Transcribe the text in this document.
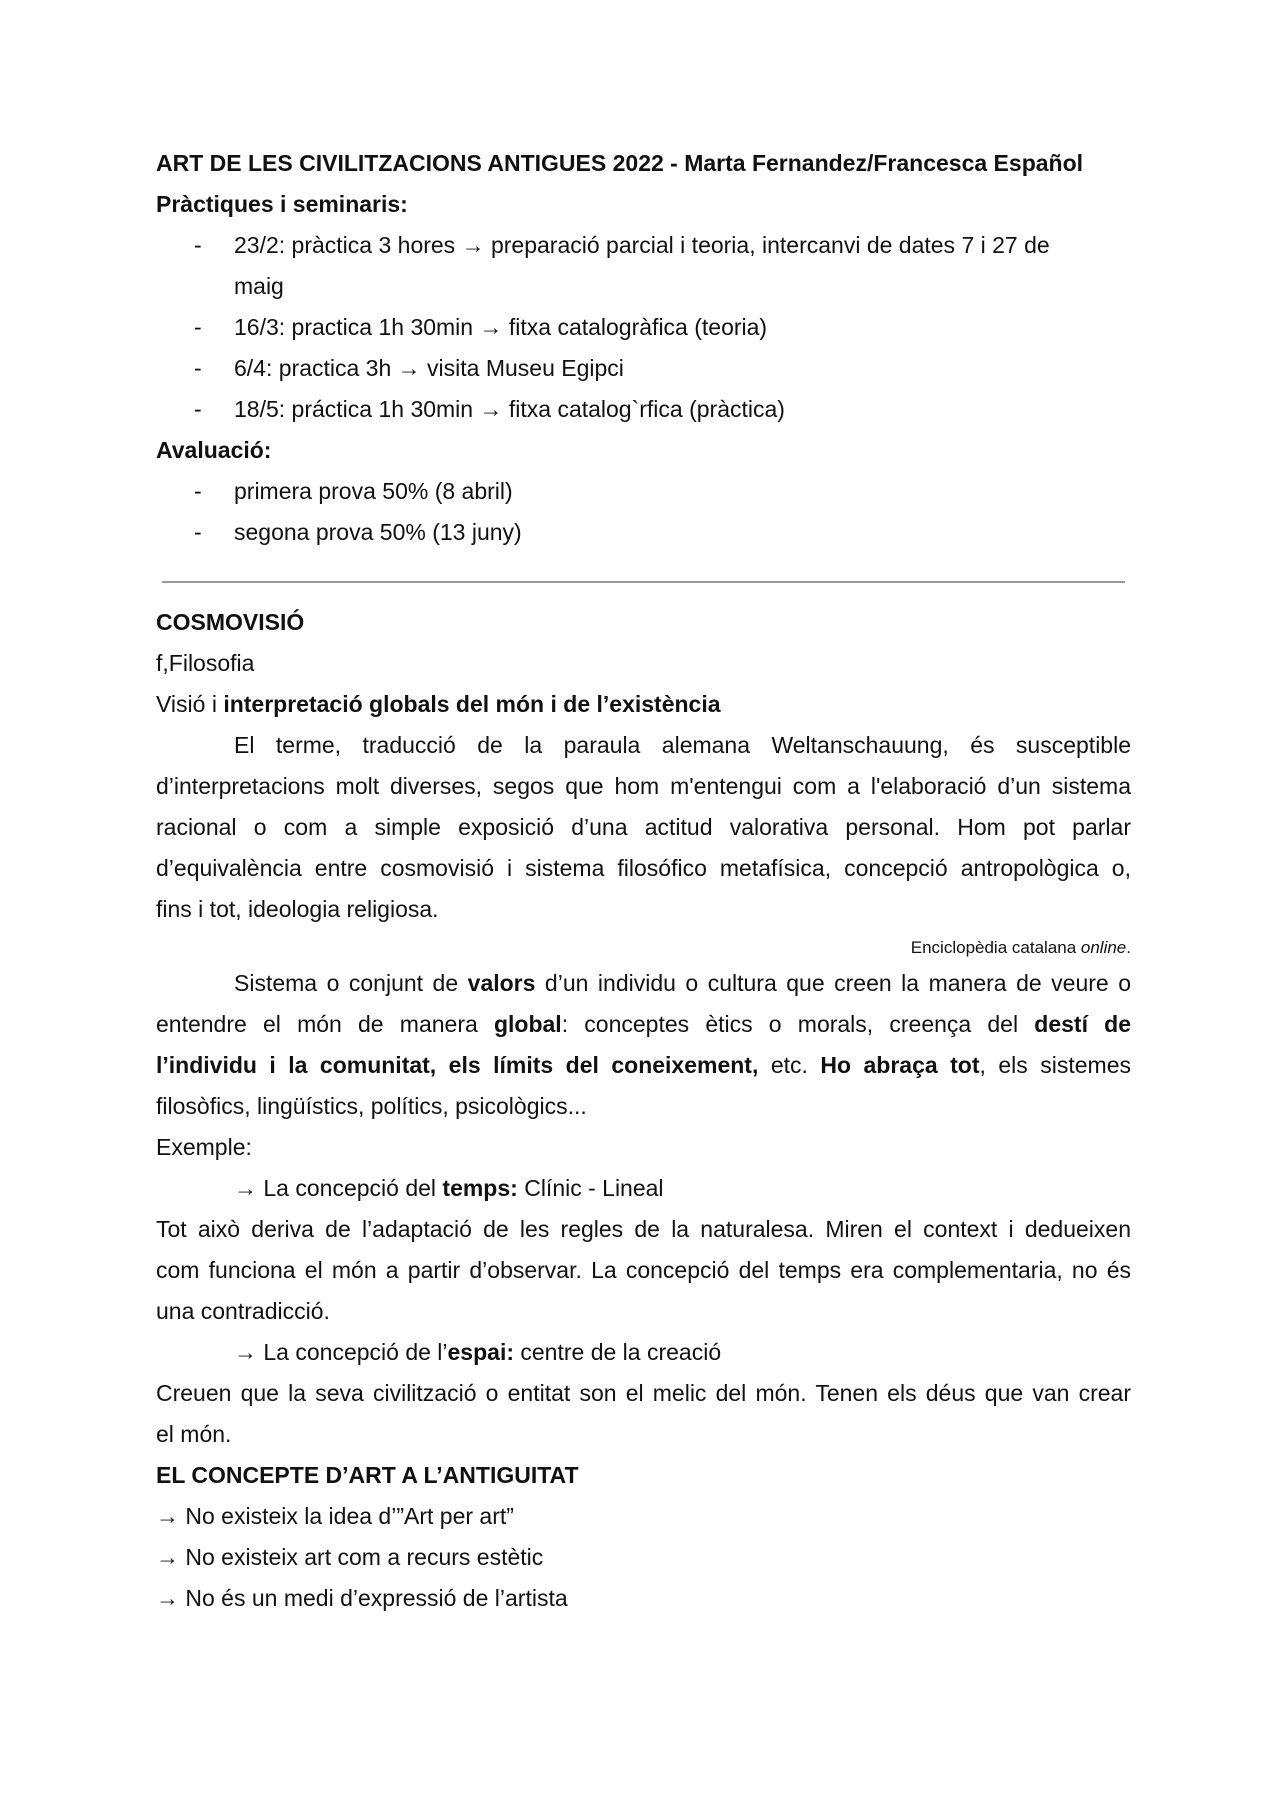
ART DE LES CIVILITZACIONS ANTIGUES 2022 - Marta Fernandez/Francesca Español
Pràctiques i seminaris:
- 23/2: pràctica 3 hores → preparació parcial i teoria, intercanvi de dates 7 i 27 de
maig
- 16/3: practica 1h 30min → fitxa catalogràfica (teoria)
- 6/4: practica 3h → visita Museu Egipci
- 18/5: práctica 1h 30min → fitxa catalog`rfica (pràctica)
Avaluació:
- primera prova 50% (8 abril)
- segona prova 50% (13 juny)
COSMOVISIÓ
f,Filosofia
Visió i interpretació globals del món i de l’existència
El terme, traducció de la paraula alemana Weltanschauung, és susceptible
d’interpretacions molt diverses, segos que hom m'entengui com a l'elaboració d’un sistema
racional o com a simple exposició d’una actitud valorativa personal. Hom pot parlar
d’equivalència entre cosmovisió i sistema filosófico metafísica, concepció antropològica o,
fins i tot, ideologia religiosa.
Enciclopèdia catalana online.
Sistema o conjunt de valors d’un individu o cultura que creen la manera de veure o
entendre el món de manera global: conceptes ètics o morals, creença del destí de
l’individu i la comunitat, els límits del coneixement, etc. Ho abraça tot, els sistemes
filosòfics, lingüístics, polítics, psicològics...
Exemple:
→ La concepció del temps: Clínic - Lineal
Tot això deriva de l’adaptació de les regles de la naturalesa. Miren el context i dedueixen
com funciona el món a partir d’observar. La concepció del temps era complementaria, no és
una contradicció.
→ La concepció de l’espai: centre de la creació
Creuen que la seva civilització o entitat son el melic del món. Tenen els déus que van crear
el món.
EL CONCEPTE D’ART A L’ANTIGUITAT
→ No existeix la idea d’”Art per art”
→ No existeix art com a recurs estètic
→ No és un medi d’expressió de l’artista
